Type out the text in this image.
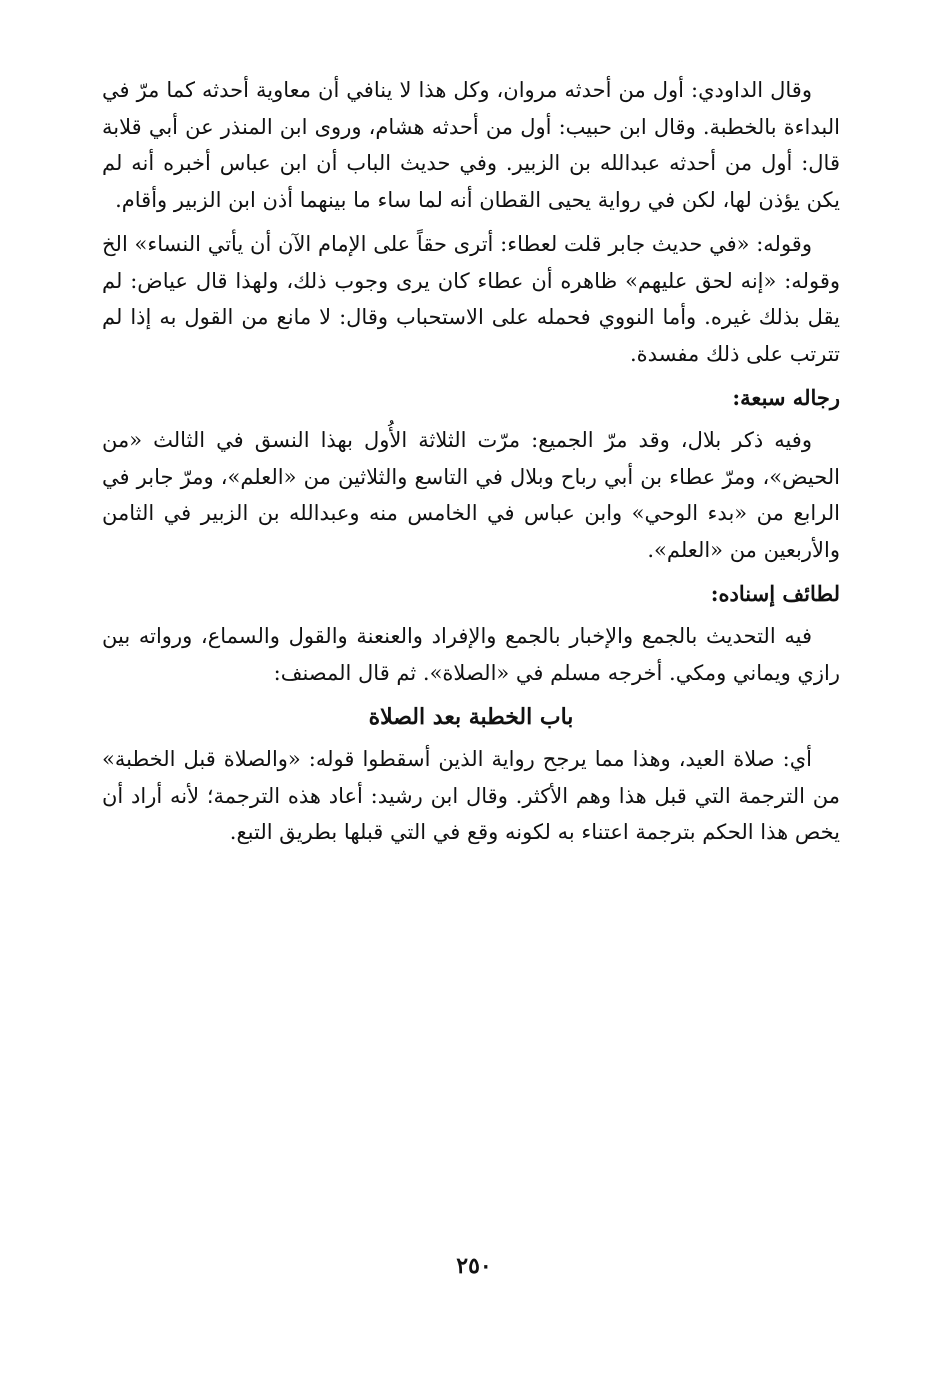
وقال الداودي: أول من أحدثه مروان، وكل هذا لا ينافي أن معاوية أحدثه كما مرّ في البداءة بالخطبة. وقال ابن حبيب: أول من أحدثه هشام، وروى ابن المنذر عن أبي قلابة قال: أول من أحدثه عبدالله بن الزبير. وفي حديث الباب أن ابن عباس أخبره أنه لم يكن يؤذن لها، لكن في رواية يحيى القطان أنه لما ساء ما بينهما أذن ابن الزبير وأقام.

وقوله: «في حديث جابر قلت لعطاء: أترى حقاً على الإمام الآن أن يأتي النساء» الخ وقوله: «إنه لحق عليهم» ظاهره أن عطاء كان يرى وجوب ذلك، ولهذا قال عياض: لم يقل بذلك غيره. وأما النووي فحمله على الاستحباب وقال: لا مانع من القول به إذا لم تترتب على ذلك مفسدة.

رجاله سبعة:

وفيه ذكر بلال، وقد مرّ الجميع: مرّت الثلاثة الأُول بهذا النسق في الثالث «من الحيض»، ومرّ عطاء بن أبي رباح وبلال في التاسع والثلاثين من «العلم»، ومرّ جابر في الرابع من «بدء الوحي» وابن عباس في الخامس منه وعبدالله بن الزبير في الثامن والأربعين من «العلم».

لطائف إسناده:

فيه التحديث بالجمع والإخبار بالجمع والإفراد والعنعنة والقول والسماع، ورواته بين رازي ويماني ومكي. أخرجه مسلم في «الصلاة». ثم قال المصنف:

باب الخطبة بعد الصلاة

أي: صلاة العيد، وهذا مما يرجح رواية الذين أسقطوا قوله: «والصلاة قبل الخطبة» من الترجمة التي قبل هذا وهم الأكثر. وقال ابن رشيد: أعاد هذه الترجمة؛ لأنه أراد أن يخص هذا الحكم بترجمة اعتناء به لكونه وقع في التي قبلها بطريق التبع.

٢٥٠
